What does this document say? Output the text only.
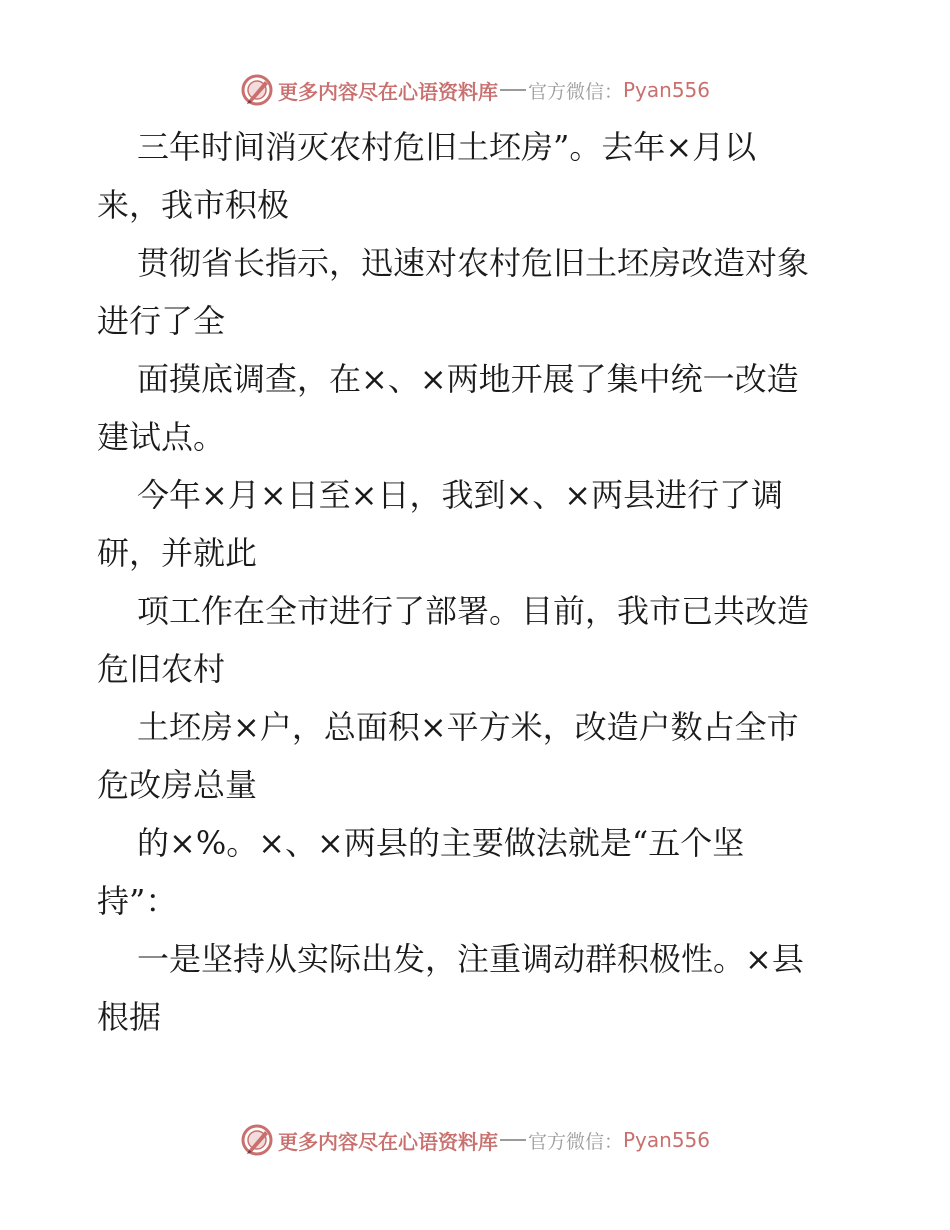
更多内容尽在心语资料库 官方微信： Pyan556
三年时间消灭农村危旧土坯房”。去年×月以
来，我市积极
贯彻省长指示，迅速对农村危旧土坯房改造对象
进行了全
面摸底调查，在×、×两地开展了集中统一改造
建试点。
今年×月×日至×日，我到×、×两县进行了调
研，并就此
项工作在全市进行了部署。目前，我市已共改造
危旧农村
土坯房×户，总面积×平方米，改造户数占全市
危改房总量
的×%。×、×两县的主要做法就是“五个坚
持”：
一是坚持从实际出发，注重调动群积极性。×县
根据
更多内容尽在心语资料库 官方微信： Pyan556
